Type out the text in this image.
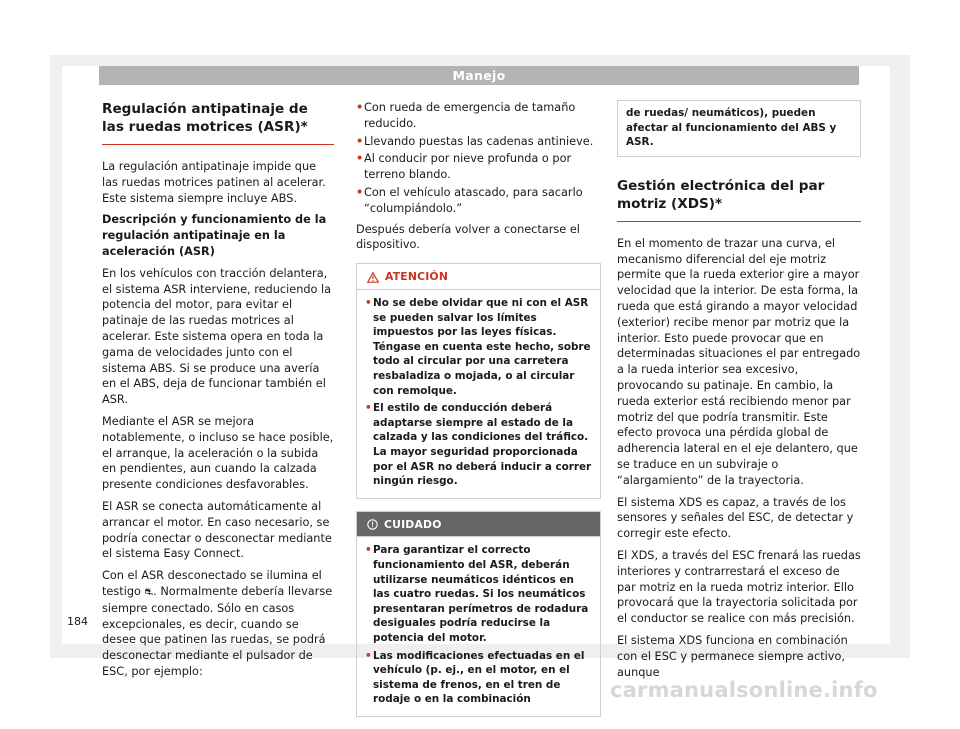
Manejo
Regulación antipatinaje de las ruedas motrices (ASR)*

La regulación antipatinaje impide que las ruedas motrices patinen al acelerar. Este sistema siempre incluye ABS.

Descripción y funcionamiento de la regulación antipatinaje en la aceleración (ASR)

En los vehículos con tracción delantera, el sistema ASR interviene, reduciendo la potencia del motor, para evitar el patinaje de las ruedas motrices al acelerar. Este sistema opera en toda la gama de velocidades junto con el sistema ABS. Si se produce una avería en el ABS, deja de funcionar también el ASR.

Mediante el ASR se mejora notablemente, o incluso se hace posible, el arranque, la aceleración o la subida en pendientes, aun cuando la calzada presente condiciones desfavorables.

El ASR se conecta automáticamente al arrancar el motor. En caso necesario, se podría conectar o desconectar mediante el sistema Easy Connect.

Con el ASR desconectado se ilumina el testigo ⛐. Normalmente debería llevarse siempre conectado. Sólo en casos excepcionales, es decir, cuando se desee que patinen las ruedas, se podrá desconectar mediante el pulsador de ESC, por ejemplo:

• Con rueda de emergencia de tamaño reducido.
• Llevando puestas las cadenas antinieve.
• Al conducir por nieve profunda o por terreno blando.
• Con el vehículo atascado, para sacarlo “columpiándolo.”

Después debería volver a conectarse el dispositivo.

ATENCIÓN
• No se debe olvidar que ni con el ASR se pueden salvar los límites impuestos por las leyes físicas. Téngase en cuenta este hecho, sobre todo al circular por una carretera resbaladiza o mojada, o al circular con remolque.
• El estilo de conducción deberá adaptarse siempre al estado de la calzada y las condiciones del tráfico. La mayor seguridad proporcionada por el ASR no deberá inducir a correr ningún riesgo.
CUIDADO
• Para garantizar el correcto funcionamiento del ASR, deberán utilizarse neumáticos idénticos en las cuatro ruedas. Si los neumáticos presentaran perímetros de rodadura desiguales podría reducirse la potencia del motor.
• Las modificaciones efectuadas en el vehículo (p. ej., en el motor, en el sistema de frenos, en el tren de rodaje o en la combinación
de ruedas/ neumáticos), pueden afectar al funcionamiento del ABS y ASR.
Gestión electrónica del par motriz (XDS)*

En el momento de trazar una curva, el mecanismo diferencial del eje motriz permite que la rueda exterior gire a mayor velocidad que la interior. De esta forma, la rueda que está girando a mayor velocidad (exterior) recibe menor par motriz que la interior. Esto puede provocar que en determinadas situaciones el par entregado a la rueda interior sea excesivo, provocando su patinaje. En cambio, la rueda exterior está recibiendo menor par motriz del que podría transmitir. Este efecto provoca una pérdida global de adherencia lateral en el eje delantero, que se traduce en un subviraje o “alargamiento” de la trayectoria.

El sistema XDS es capaz, a través de los sensores y señales del ESC, de detectar y corregir este efecto.

El XDS, a través del ESC frenará las ruedas interiores y contrarrestará el exceso de par motriz en la rueda motriz interior. Ello provocará que la trayectoria solicitada por el conductor se realice con más precisión.

El sistema XDS funciona en combinación con el ESC y permanece siempre activo, aunque

184
carmanualsonline.info
